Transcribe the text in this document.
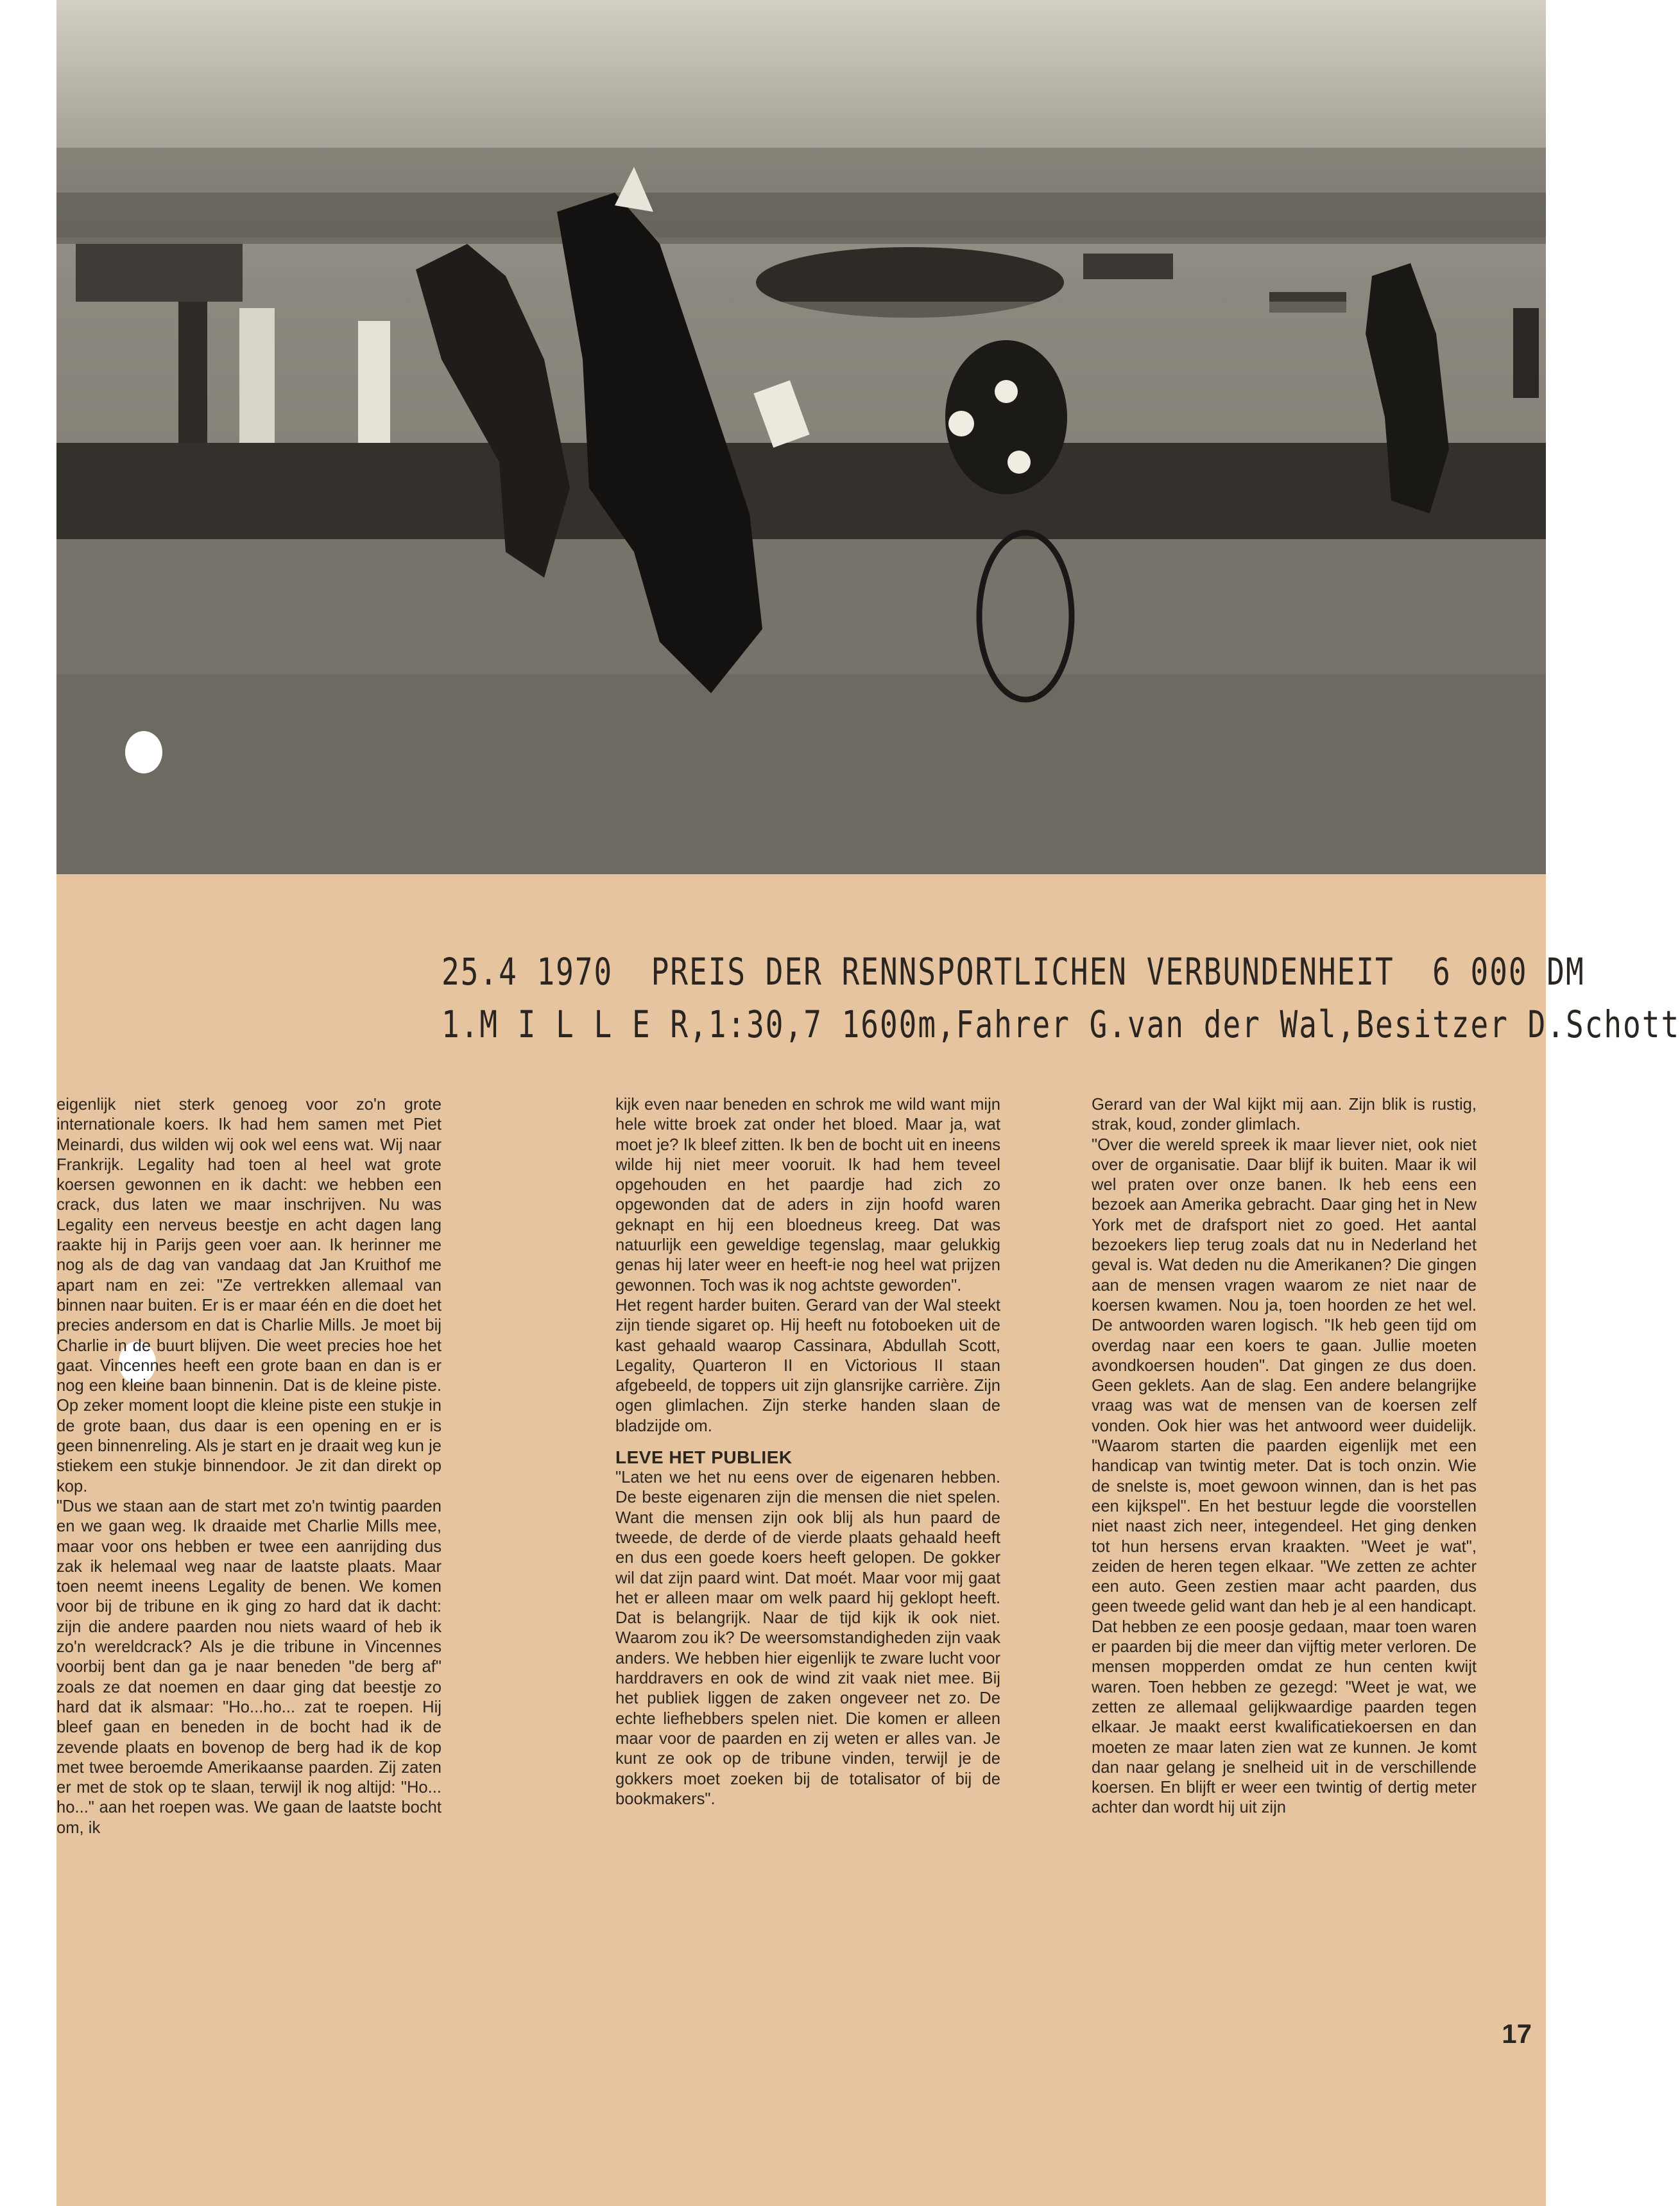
25.4 1970  PREIS DER RENNSPORTLICHEN VERBUNDENHEIT  6 000 DM
1.M I L L E R,1:30,7 1600m,Fahrer G.van der Wal,Besitzer D.Schott

eigenlijk niet sterk genoeg voor zo'n grote internationale koers. Ik had hem samen met Piet Meinardi, dus wilden wij ook wel eens wat. Wij naar Frankrijk. Legality had toen al heel wat grote koersen gewonnen en ik dacht: we hebben een crack, dus laten we maar inschrijven. Nu was Legality een nerveus beestje en acht dagen lang raakte hij in Parijs geen voer aan. Ik herinner me nog als de dag van vandaag dat Jan Kruithof me apart nam en zei: "Ze vertrekken allemaal van binnen naar buiten. Er is er maar één en die doet het precies andersom en dat is Charlie Mills. Je moet bij Charlie in de buurt blijven. Die weet precies hoe het gaat. Vincennes heeft een grote baan en dan is er nog een kleine baan binnenin. Dat is de kleine piste. Op zeker moment loopt die kleine piste een stukje in de grote baan, dus daar is een opening en er is geen binnenreling. Als je start en je draait weg kun je stiekem een stukje binnendoor. Je zit dan direkt op kop.

"Dus we staan aan de start met zo'n twintig paarden en we gaan weg. Ik draaide met Charlie Mills mee, maar voor ons hebben er twee een aanrijding dus zak ik helemaal weg naar de laatste plaats. Maar toen neemt ineens Legality de benen. We komen voor bij de tribune en ik ging zo hard dat ik dacht: zijn die andere paarden nou niets waard of heb ik zo'n wereldcrack? Als je die tribune in Vincennes voorbij bent dan ga je naar beneden "de berg af" zoals ze dat noemen en daar ging dat beestje zo hard dat ik alsmaar: "Ho...ho... zat te roepen. Hij bleef gaan en beneden in de bocht had ik de zevende plaats en bovenop de berg had ik de kop met twee beroemde Amerikaanse paarden. Zij zaten er met de stok op te slaan, terwijl ik nog altijd: "Ho... ho..." aan het roepen was. We gaan de laatste bocht om, ik

kijk even naar beneden en schrok me wild want mijn hele witte broek zat onder het bloed. Maar ja, wat moet je? Ik bleef zitten. Ik ben de bocht uit en ineens wilde hij niet meer vooruit. Ik had hem teveel opgehouden en het paardje had zich zo opgewonden dat de aders in zijn hoofd waren geknapt en hij een bloedneus kreeg. Dat was natuurlijk een geweldige tegenslag, maar gelukkig genas hij later weer en heeft-ie nog heel wat prijzen gewonnen. Toch was ik nog achtste geworden".

Het regent harder buiten. Gerard van der Wal steekt zijn tiende sigaret op. Hij heeft nu fotoboeken uit de kast gehaald waarop Cassinara, Abdullah Scott, Legality, Quarteron II en Victorious II staan afgebeeld, de toppers uit zijn glansrijke carrière. Zijn ogen glimlachen. Zijn sterke handen slaan de bladzijde om.

LEVE HET PUBLIEK

"Laten we het nu eens over de eigenaren hebben. De beste eigenaren zijn die mensen die niet spelen. Want die mensen zijn ook blij als hun paard de tweede, de derde of de vierde plaats gehaald heeft en dus een goede koers heeft gelopen. De gokker wil dat zijn paard wint. Dat moét. Maar voor mij gaat het er alleen maar om welk paard hij geklopt heeft. Dat is belangrijk. Naar de tijd kijk ik ook niet. Waarom zou ik? De weersomstandigheden zijn vaak anders. We hebben hier eigenlijk te zware lucht voor harddravers en ook de wind zit vaak niet mee. Bij het publiek liggen de zaken ongeveer net zo. De echte liefhebbers spelen niet. Die komen er alleen maar voor de paarden en zij weten er alles van. Je kunt ze ook op de tribune vinden, terwijl je de gokkers moet zoeken bij de totalisator of bij de bookmakers".

Gerard van der Wal kijkt mij aan. Zijn blik is rustig, strak, koud, zonder glimlach.

"Over die wereld spreek ik maar liever niet, ook niet over de organisatie. Daar blijf ik buiten. Maar ik wil wel praten over onze banen. Ik heb eens een bezoek aan Amerika gebracht. Daar ging het in New York met de drafsport niet zo goed. Het aantal bezoekers liep terug zoals dat nu in Nederland het geval is. Wat deden nu die Amerikanen? Die gingen aan de mensen vragen waarom ze niet naar de koersen kwamen. Nou ja, toen hoorden ze het wel. De antwoorden waren logisch. "Ik heb geen tijd om overdag naar een koers te gaan. Jullie moeten avondkoersen houden". Dat gingen ze dus doen. Geen geklets. Aan de slag. Een andere belangrijke vraag was wat de mensen van de koersen zelf vonden. Ook hier was het antwoord weer duidelijk. "Waarom starten die paarden eigenlijk met een handicap van twintig meter. Dat is toch onzin. Wie de snelste is, moet gewoon winnen, dan is het pas een kijkspel". En het bestuur legde die voorstellen niet naast zich neer, integendeel. Het ging denken tot hun hersens ervan kraakten. "Weet je wat", zeiden de heren tegen elkaar. "We zetten ze achter een auto. Geen zestien maar acht paarden, dus geen tweede gelid want dan heb je al een handicapt. Dat hebben ze een poosje gedaan, maar toen waren er paarden bij die meer dan vijftig meter verloren. De mensen mopperden omdat ze hun centen kwijt waren. Toen hebben ze gezegd: "Weet je wat, we zetten ze allemaal gelijkwaardige paarden tegen elkaar. Je maakt eerst kwalificatiekoersen en dan moeten ze maar laten zien wat ze kunnen. Je komt dan naar gelang je snelheid uit in de verschillende koersen. En blijft er weer een twintig of dertig meter achter dan wordt hij uit zijn

17
